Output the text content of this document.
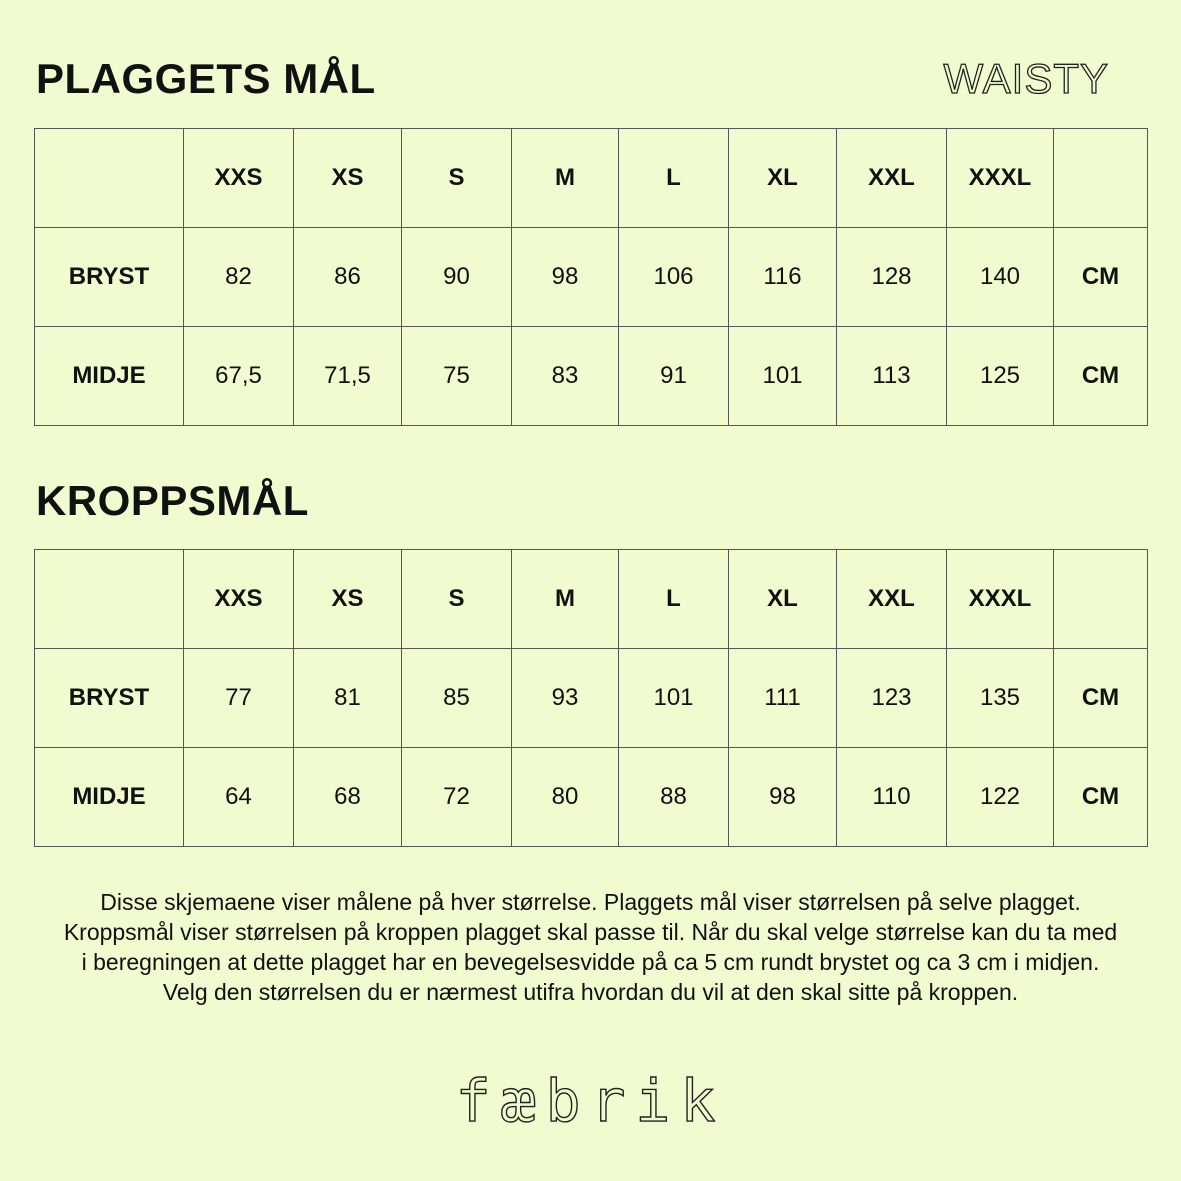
PLAGGETS MÅL	WAISTY
	XXS	XS	S	M	L	XL	XXL	XXXL	
BRYST	82	86	90	98	106	116	128	140	CM
MIDJE	67,5	71,5	75	83	91	101	113	125	CM
KROPPSMÅL
	XXS	XS	S	M	L	XL	XXL	XXXL	
BRYST	77	81	85	93	101	111	123	135	CM
MIDJE	64	68	72	80	88	98	110	122	CM

Disse skjemaene viser målene på hver størrelse. Plaggets mål viser størrelsen på selve plagget. Kroppsmål viser størrelsen på kroppen plagget skal passe til. Når du skal velge størrelse kan du ta med i beregningen at dette plagget har en bevegelsesvidde på ca 5 cm rundt brystet og ca 3 cm i midjen. Velg den størrelsen du er nærmest utifra hvordan du vil at den skal sitte på kroppen.

fæbrik
